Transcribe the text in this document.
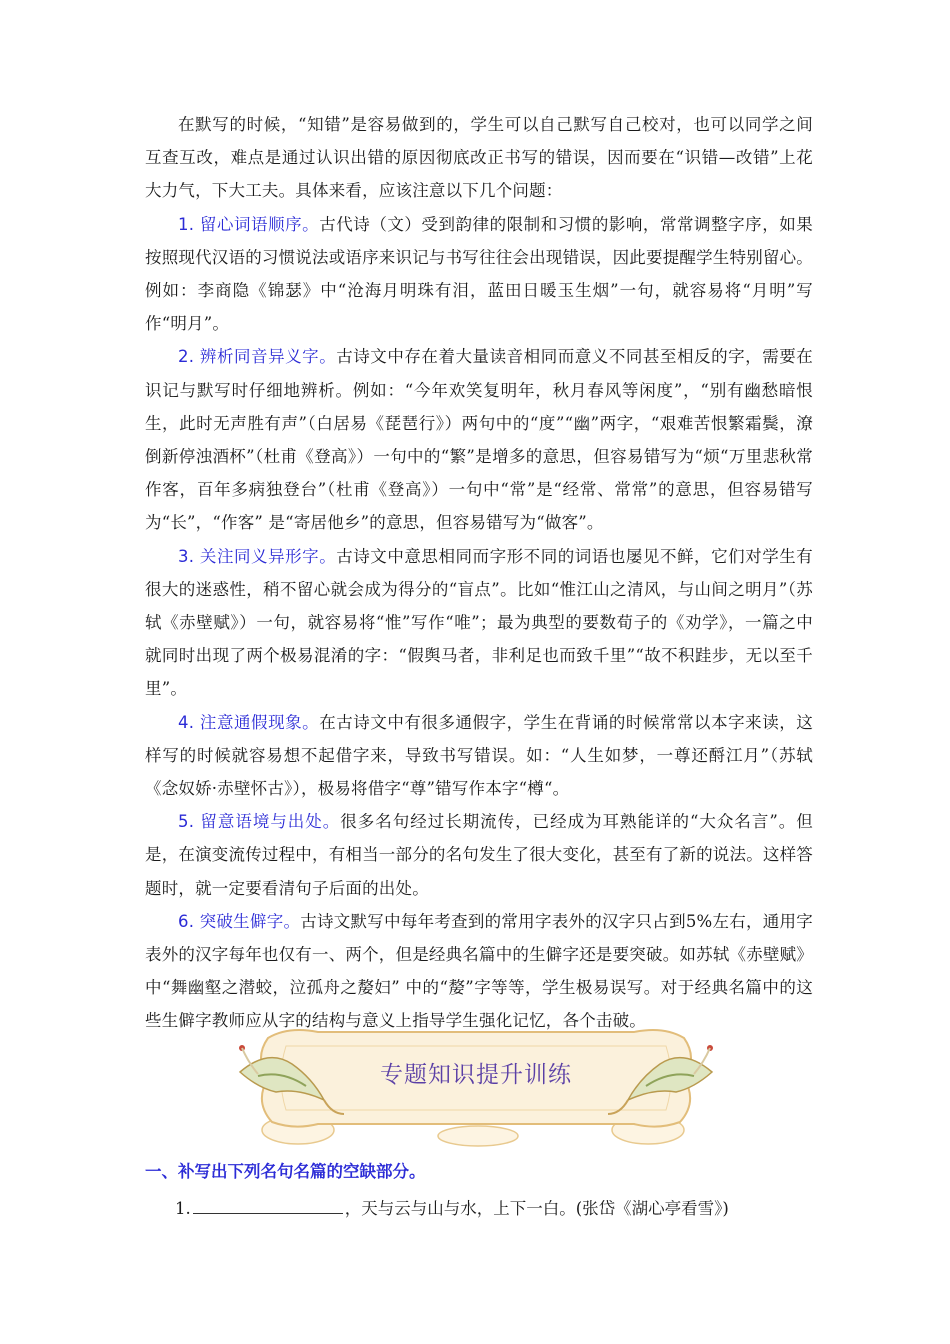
在默写的时候，“知错”是容易做到的，学生可以自己默写自己校对，也可以同学之间互查互改，难点是通过认识出错的原因彻底改正书写的错误，因而要在“识错—改错”上花大力气，下大工夫。具体来看，应该注意以下几个问题：

1. 留心词语顺序。古代诗（文）受到韵律的限制和习惯的影响，常常调整字序，如果按照现代汉语的习惯说法或语序来识记与书写往往会出现错误，因此要提醒学生特别留心。例如：李商隐《锦瑟》中“沧海月明珠有泪，蓝田日暖玉生烟”一句，就容易将“月明”写作“明月”。

2. 辨析同音异义字。古诗文中存在着大量读音相同而意义不同甚至相反的字，需要在识记与默写时仔细地辨析。例如：“今年欢笑复明年，秋月春风等闲度”，“别有幽愁暗恨生，此时无声胜有声”（白居易《琵琶行》）两句中的“度”“幽”两字，“艰难苦恨繁霜鬓，潦倒新停浊酒杯”（杜甫《登高》）一句中的“繁”是增多的意思，但容易错写为“烦“万里悲秋常作客，百年多病独登台”（杜甫《登高》）一句中“常”是“经常、常常”的意思，但容易错写为“长”，“作客” 是“寄居他乡”的意思，但容易错写为“做客”。

3. 关注同义异形字。古诗文中意思相同而字形不同的词语也屡见不鲜，它们对学生有很大的迷惑性，稍不留心就会成为得分的“盲点”。比如“惟江山之清风，与山间之明月”（苏轼《赤壁赋》）一句，就容易将“惟”写作“唯”；最为典型的要数荀子的《劝学》，一篇之中就同时出现了两个极易混淆的字：“假舆马者，非利足也而致千里”“故不积跬步，无以至千里”。

4. 注意通假现象。在古诗文中有很多通假字，学生在背诵的时候常常以本字来读，这样写的时候就容易想不起借字来，导致书写错误。如：“人生如梦，一尊还酹江月”（苏轼《念奴娇·赤壁怀古》），极易将借字“尊”错写作本字“樽“。

5. 留意语境与出处。很多名句经过长期流传，已经成为耳熟能详的“大众名言”。但是，在演变流传过程中，有相当一部分的名句发生了很大变化，甚至有了新的说法。这样答题时，就一定要看清句子后面的出处。

6. 突破生僻字。古诗文默写中每年考查到的常用字表外的汉字只占到5%左右，通用字表外的汉字每年也仅有一、两个，但是经典名篇中的生僻字还是要突破。如苏轼《赤壁赋》中“舞幽壑之潜蛟，泣孤舟之嫠妇” 中的“嫠”字等等，学生极易误写。对于经典名篇中的这些生僻字教师应从字的结构与意义上指导学生强化记忆，各个击破。

专题知识提升训练
一、补写出下列名句名篇的空缺部分。
1.	，天与云与山与水，上下一白。(张岱《湖心亭看雪》)
